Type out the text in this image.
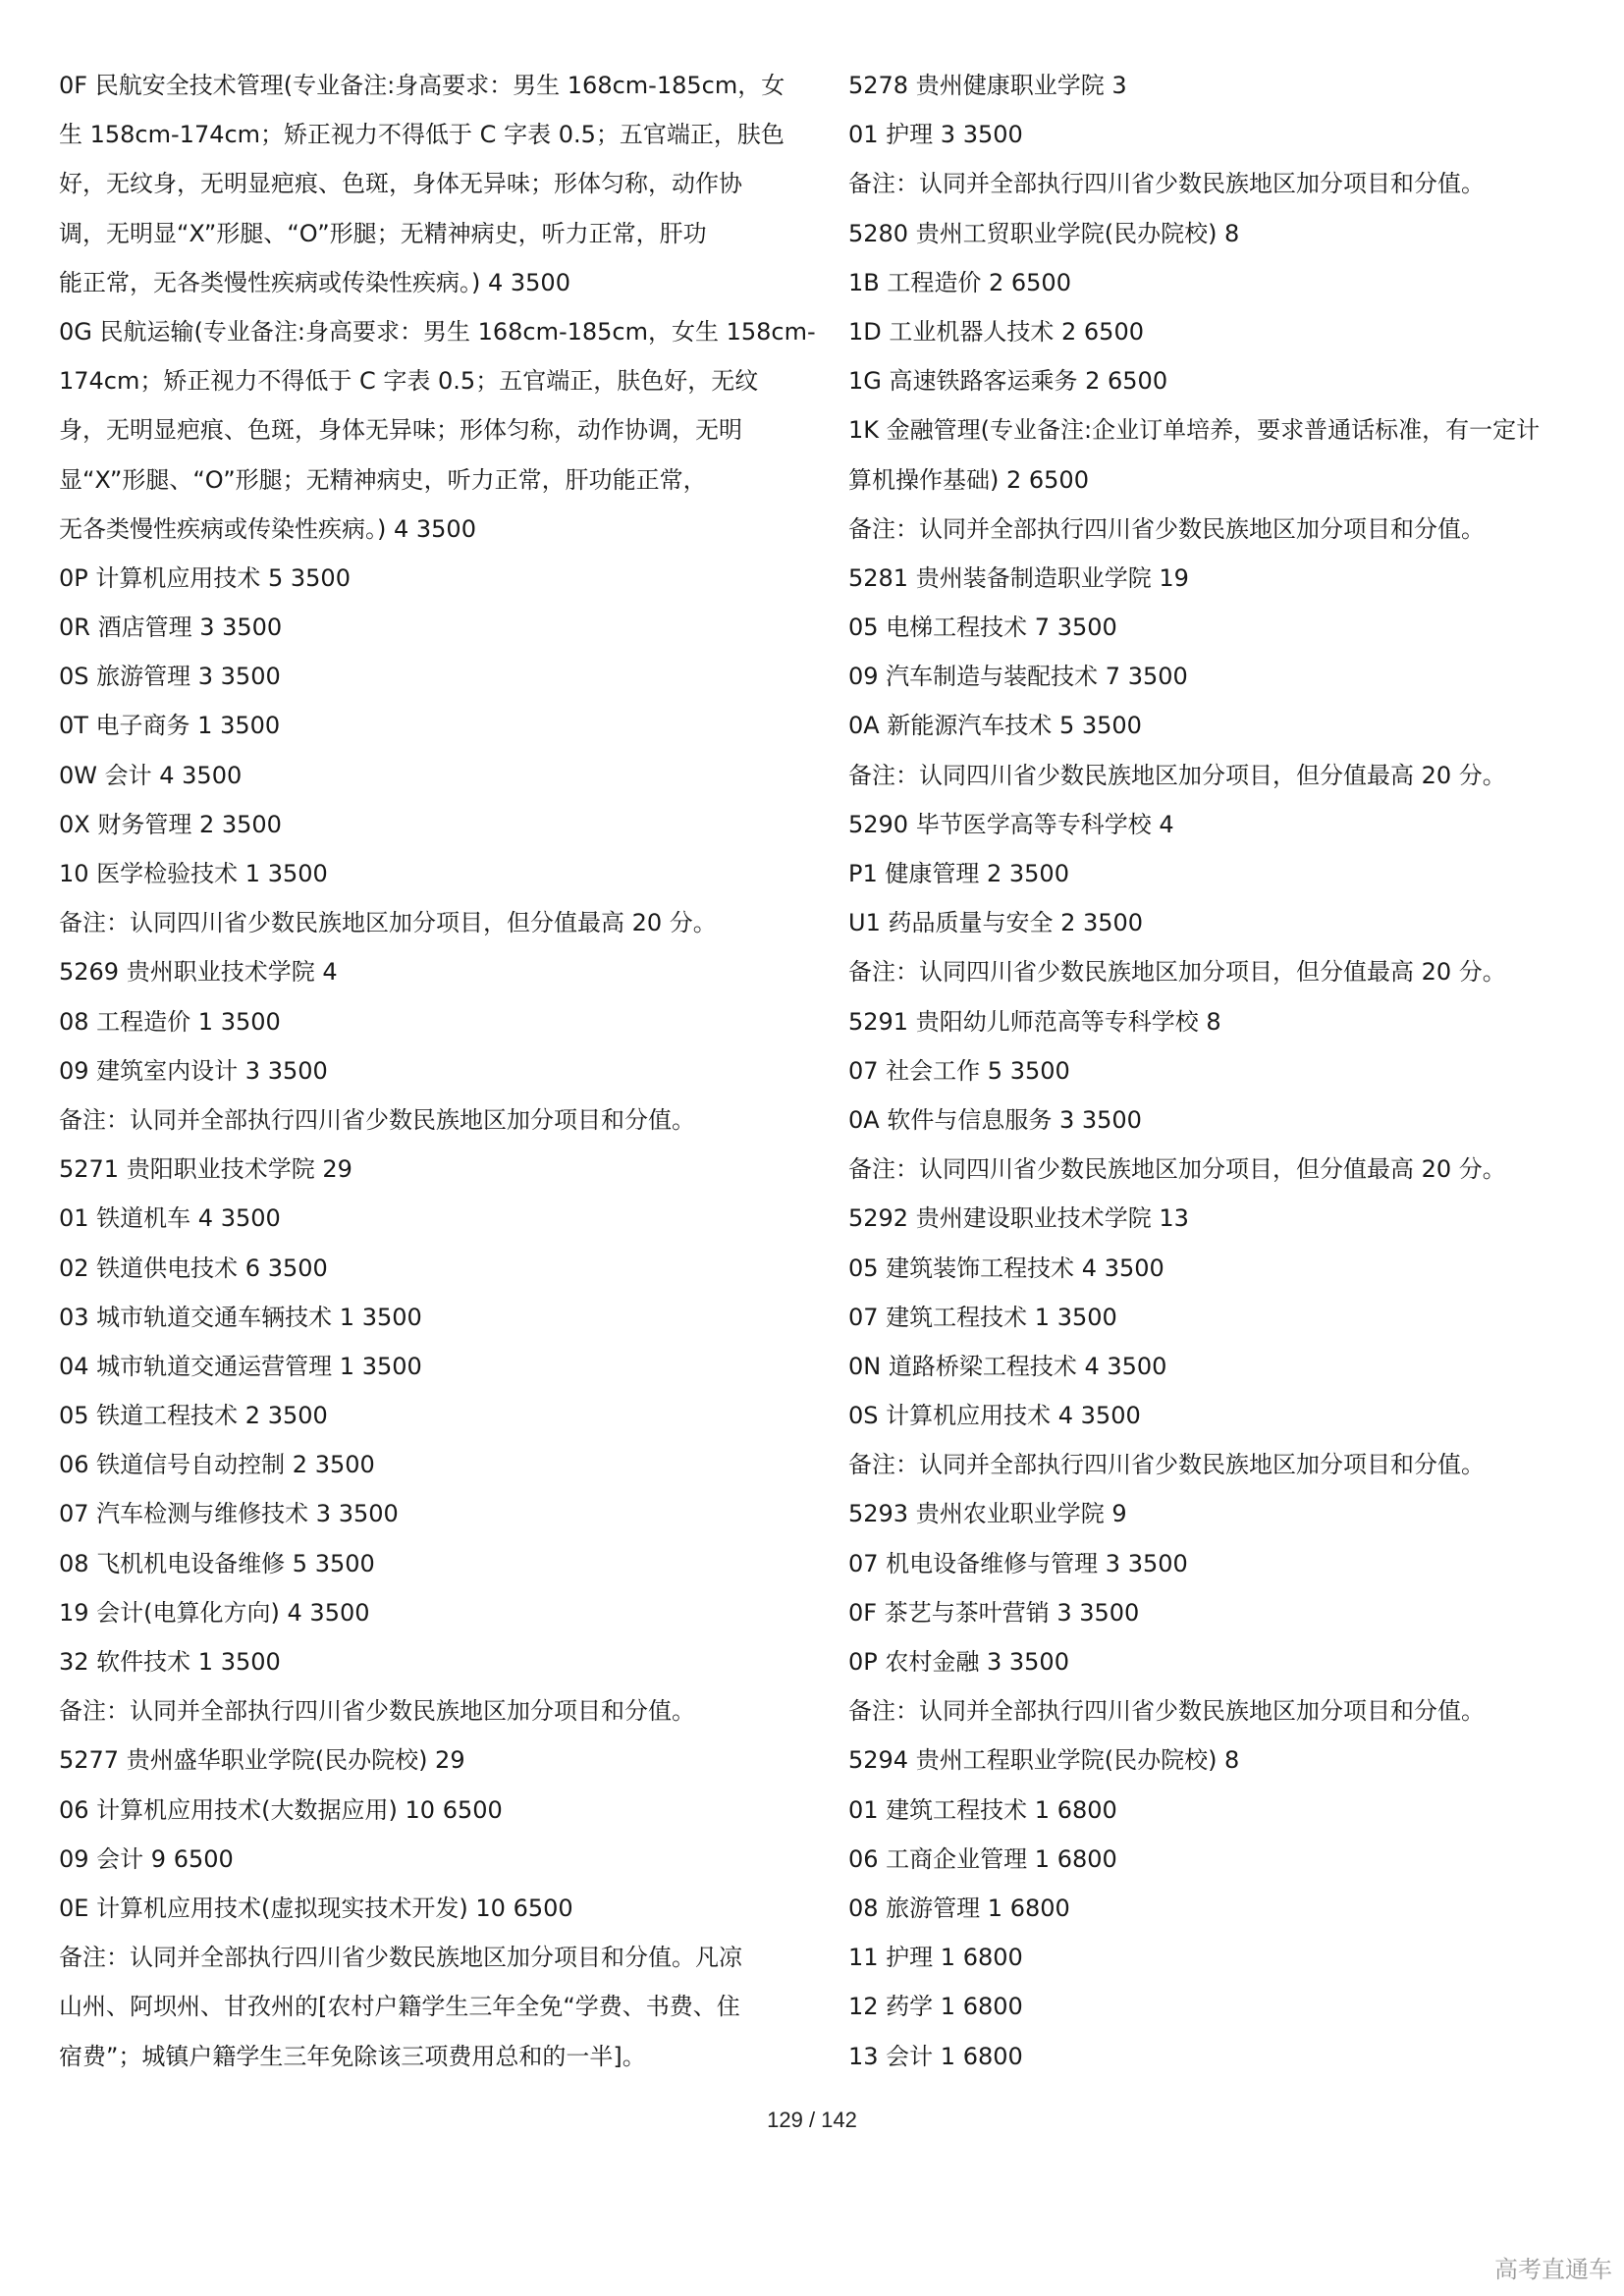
0F 民航安全技术管理(专业备注:身高要求：男生 168cm-185cm，女
生 158cm-174cm；矫正视力不得低于 C 字表 0.5；五官端正，肤色
好，无纹身，无明显疤痕、色斑，身体无异味；形体匀称，动作协
调，无明显“X”形腿、“O”形腿；无精神病史，听力正常，肝功
能正常，无各类慢性疾病或传染性疾病。) 4 3500
0G 民航运输(专业备注:身高要求：男生 168cm-185cm，女生 158cm-
174cm；矫正视力不得低于 C 字表 0.5；五官端正，肤色好，无纹
身，无明显疤痕、色斑，身体无异味；形体匀称，动作协调，无明
显“X”形腿、“O”形腿；无精神病史，听力正常，肝功能正常，
无各类慢性疾病或传染性疾病。) 4 3500
0P 计算机应用技术 5 3500
0R 酒店管理 3 3500
0S 旅游管理 3 3500
0T 电子商务 1 3500
0W 会计 4 3500
0X 财务管理 2 3500
10 医学检验技术 1 3500
备注：认同四川省少数民族地区加分项目，但分值最高 20 分。
5269 贵州职业技术学院 4
08 工程造价 1 3500
09 建筑室内设计 3 3500
备注：认同并全部执行四川省少数民族地区加分项目和分值。
5271 贵阳职业技术学院 29
01 铁道机车 4 3500
02 铁道供电技术 6 3500
03 城市轨道交通车辆技术 1 3500
04 城市轨道交通运营管理 1 3500
05 铁道工程技术 2 3500
06 铁道信号自动控制 2 3500
07 汽车检测与维修技术 3 3500
08 飞机机电设备维修 5 3500
19 会计(电算化方向) 4 3500
32 软件技术 1 3500
备注：认同并全部执行四川省少数民族地区加分项目和分值。
5277 贵州盛华职业学院(民办院校) 29
06 计算机应用技术(大数据应用) 10 6500
09 会计 9 6500
0E 计算机应用技术(虚拟现实技术开发) 10 6500
备注：认同并全部执行四川省少数民族地区加分项目和分值。凡凉
山州、阿坝州、甘孜州的[农村户籍学生三年全免“学费、书费、住
宿费”；城镇户籍学生三年免除该三项费用总和的一半]。
5278 贵州健康职业学院 3
01 护理 3 3500
备注：认同并全部执行四川省少数民族地区加分项目和分值。
5280 贵州工贸职业学院(民办院校) 8
1B 工程造价 2 6500
1D 工业机器人技术 2 6500
1G 高速铁路客运乘务 2 6500
1K 金融管理(专业备注:企业订单培养，要求普通话标准，有一定计
算机操作基础) 2 6500
备注：认同并全部执行四川省少数民族地区加分项目和分值。
5281 贵州装备制造职业学院 19
05 电梯工程技术 7 3500
09 汽车制造与装配技术 7 3500
0A 新能源汽车技术 5 3500
备注：认同四川省少数民族地区加分项目，但分值最高 20 分。
5290 毕节医学高等专科学校 4
P1 健康管理 2 3500
U1 药品质量与安全 2 3500
备注：认同四川省少数民族地区加分项目，但分值最高 20 分。
5291 贵阳幼儿师范高等专科学校 8
07 社会工作 5 3500
0A 软件与信息服务 3 3500
备注：认同四川省少数民族地区加分项目，但分值最高 20 分。
5292 贵州建设职业技术学院 13
05 建筑装饰工程技术 4 3500
07 建筑工程技术 1 3500
0N 道路桥梁工程技术 4 3500
0S 计算机应用技术 4 3500
备注：认同并全部执行四川省少数民族地区加分项目和分值。
5293 贵州农业职业学院 9
07 机电设备维修与管理 3 3500
0F 茶艺与茶叶营销 3 3500
0P 农村金融 3 3500
备注：认同并全部执行四川省少数民族地区加分项目和分值。
5294 贵州工程职业学院(民办院校) 8
01 建筑工程技术 1 6800
06 工商企业管理 1 6800
08 旅游管理 1 6800
11 护理 1 6800
12 药学 1 6800
13 会计 1 6800
129 / 142
高考直通车
